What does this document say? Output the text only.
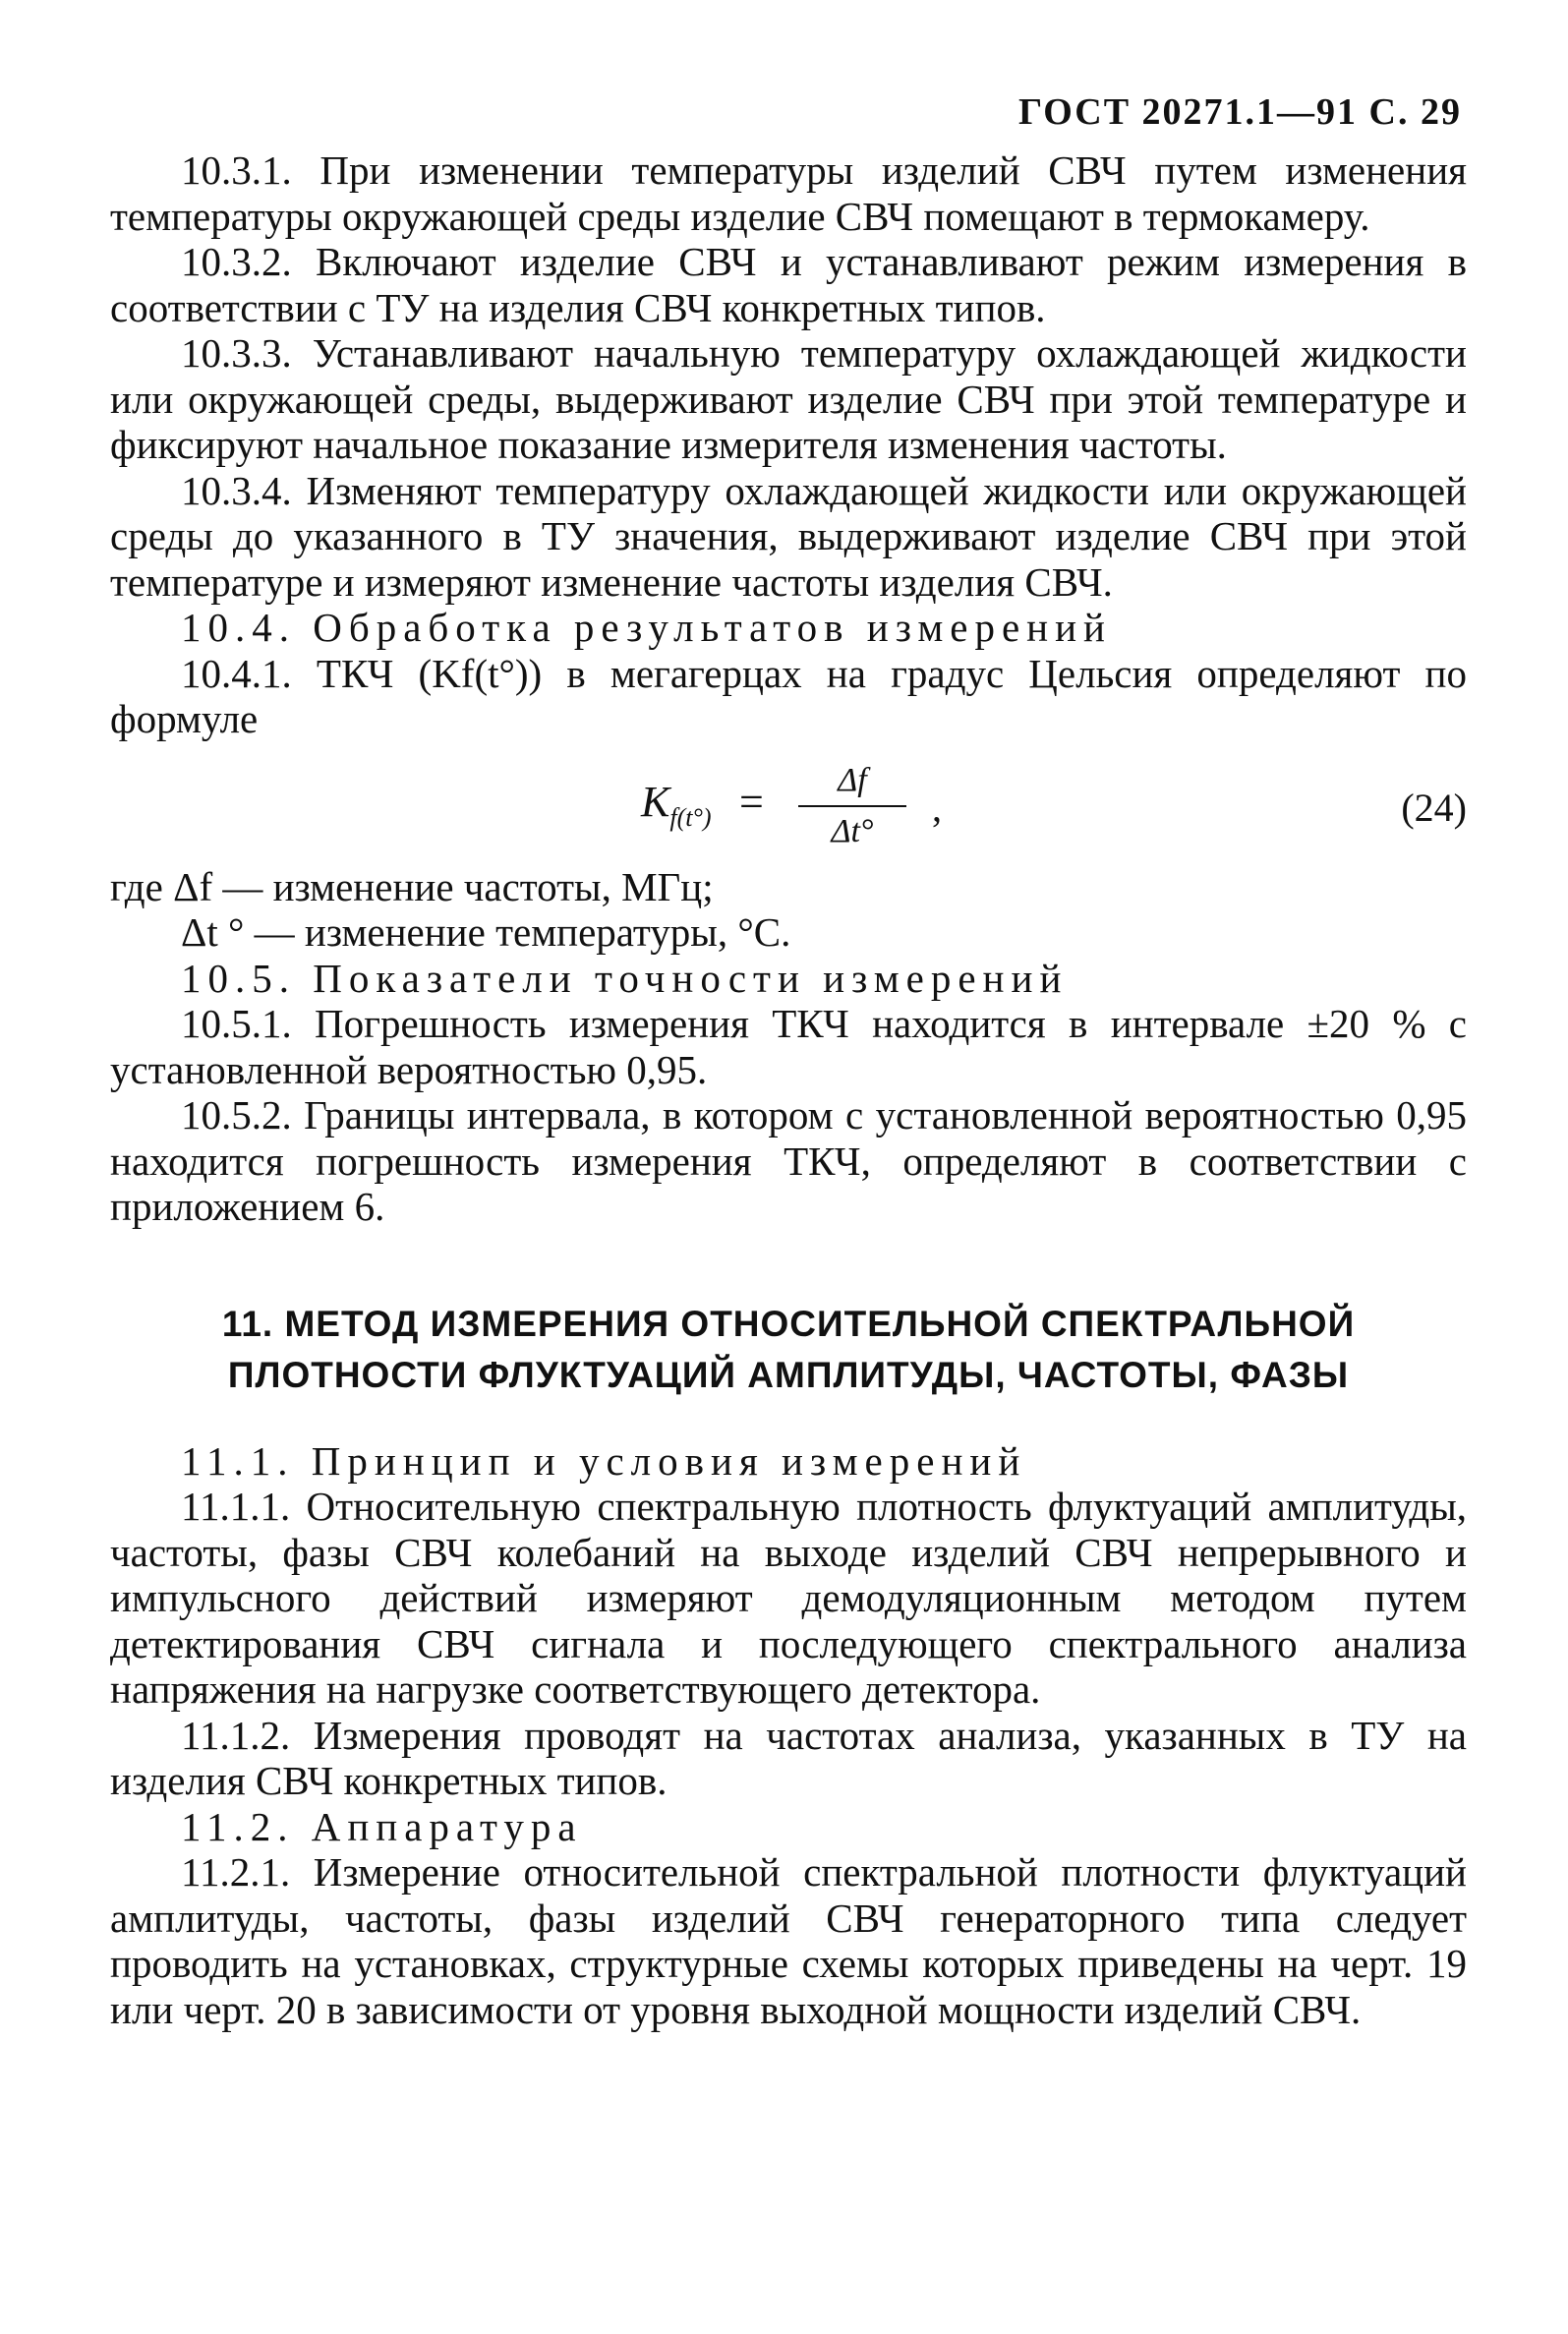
ГОСТ 20271.1—91 С. 29

10.3.1. При изменении температуры изделий СВЧ путем изменения температуры окружающей среды изделие СВЧ помещают в термокамеру.

10.3.2. Включают изделие СВЧ и устанавливают режим измерения в соответствии с ТУ на изделия СВЧ конкретных типов.

10.3.3. Устанавливают начальную температуру охлаждающей жидкости или окружающей среды, выдерживают изделие СВЧ при этой температуре и фиксируют начальное показание измерителя изменения частоты.

10.3.4. Изменяют температуру охлаждающей жидкости или окружающей среды до указанного в ТУ значения, выдерживают изделие СВЧ при этой температуре и измеряют изменение частоты изделия СВЧ.

10.4. Обработка результатов измерений

10.4.1. ТКЧ (Kf(t°)) в мегагерцах на градус Цельсия определяют по формуле

$K_{f(t^\circ)} = \frac{\Delta f}{\Delta t^\circ}$ ,	(24)

где Δf — изменение частоты, МГц;

Δt ° — изменение температуры, °С.

10.5. Показатели точности измерений

10.5.1. Погрешность измерения ТКЧ находится в интервале ±20 % с установленной вероятностью 0,95.

10.5.2. Границы интервала, в котором с установленной вероятностью 0,95 находится погрешность измерения ТКЧ, определяют в соответствии с приложением 6.

11. МЕТОД ИЗМЕРЕНИЯ ОТНОСИТЕЛЬНОЙ СПЕКТРАЛЬНОЙ
ПЛОТНОСТИ ФЛУКТУАЦИЙ АМПЛИТУДЫ, ЧАСТОТЫ, ФАЗЫ

11.1. Принцип и условия измерений

11.1.1. Относительную спектральную плотность флуктуаций амплитуды, частоты, фазы СВЧ колебаний на выходе изделий СВЧ непрерывного и импульсного действий измеряют демодуляционным методом путем детектирования СВЧ сигнала и последующего спектрального анализа напряжения на нагрузке соответствующего детектора.

11.1.2. Измерения проводят на частотах анализа, указанных в ТУ на изделия СВЧ конкретных типов.

11.2. Аппаратура

11.2.1. Измерение относительной спектральной плотности флуктуаций амплитуды, частоты, фазы изделий СВЧ генераторного типа следует проводить на установках, структурные схемы которых приведены на черт. 19 или черт. 20 в зависимости от уровня выходной мощности изделий СВЧ.
